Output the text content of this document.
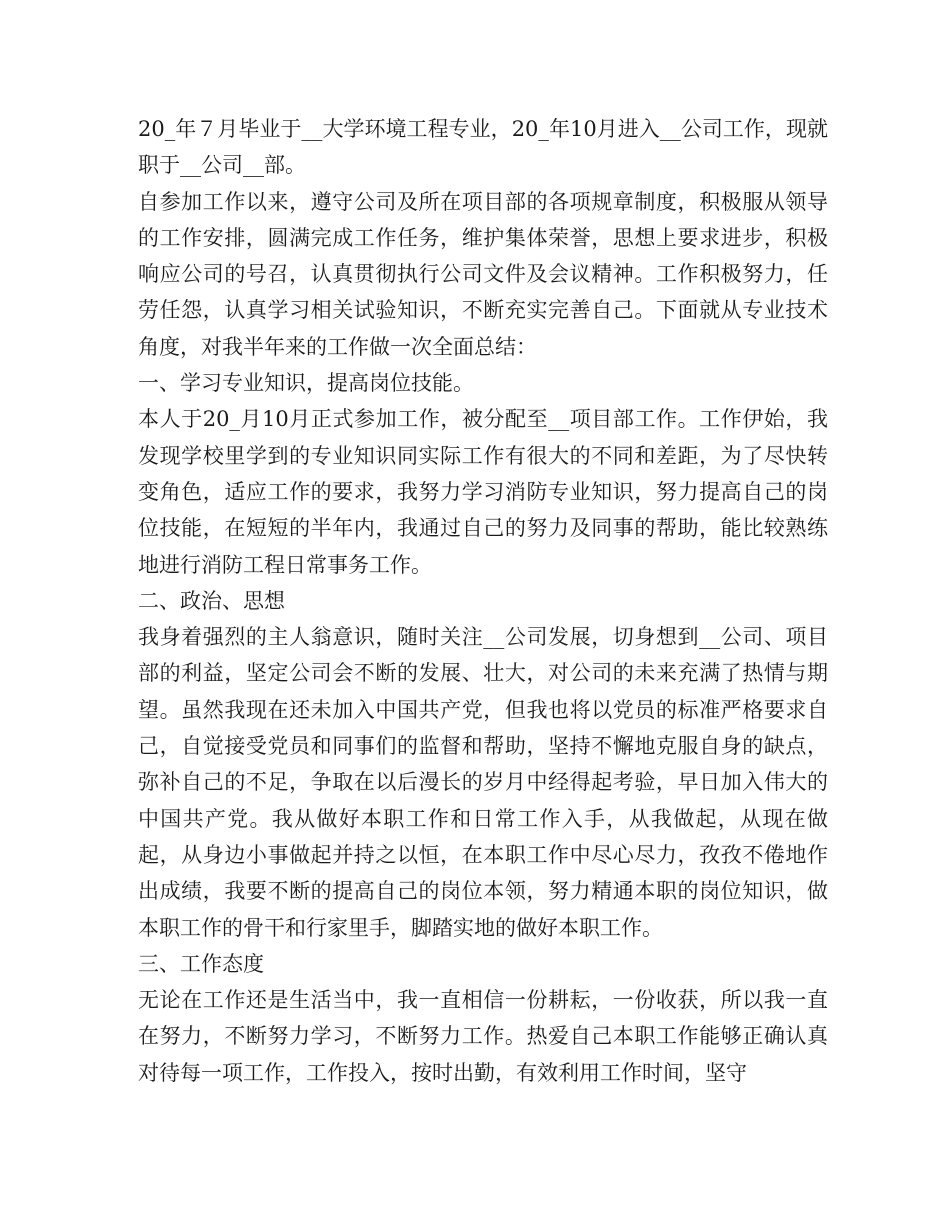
20_年７月毕业于__大学环境工程专业，20_年10月进入__公司工作，现就职于__公司__部。

自参加工作以来，遵守公司及所在项目部的各项规章制度，积极服从领导的工作安排，圆满完成工作任务，维护集体荣誉，思想上要求进步，积极响应公司的号召，认真贯彻执行公司文件及会议精神。工作积极努力，任劳任怨，认真学习相关试验知识，不断充实完善自己。下面就从专业技术角度，对我半年来的工作做一次全面总结：

一、学习专业知识，提高岗位技能。

本人于20_月10月正式参加工作，被分配至__项目部工作。工作伊始，我发现学校里学到的专业知识同实际工作有很大的不同和差距，为了尽快转变角色，适应工作的要求，我努力学习消防专业知识，努力提高自己的岗位技能，在短短的半年内，我通过自己的努力及同事的帮助，能比较熟练地进行消防工程日常事务工作。

二、政治、思想

我身着强烈的主人翁意识，随时关注__公司发展，切身想到__公司、项目部的利益，坚定公司会不断的发展、壮大，对公司的未来充满了热情与期望。虽然我现在还未加入中国共产党，但我也将以党员的标准严格要求自己，自觉接受党员和同事们的监督和帮助，坚持不懈地克服自身的缺点，弥补自己的不足，争取在以后漫长的岁月中经得起考验，早日加入伟大的中国共产党。我从做好本职工作和日常工作入手，从我做起，从现在做起，从身边小事做起并持之以恒，在本职工作中尽心尽力，孜孜不倦地作出成绩，我要不断的提高自己的岗位本领，努力精通本职的岗位知识，做本职工作的骨干和行家里手，脚踏实地的做好本职工作。

三、工作态度

无论在工作还是生活当中，我一直相信一份耕耘，一份收获，所以我一直在努力，不断努力学习，不断努力工作。热爱自己本职工作能够正确认真对待每一项工作，工作投入，按时出勤，有效利用工作时间，坚守
